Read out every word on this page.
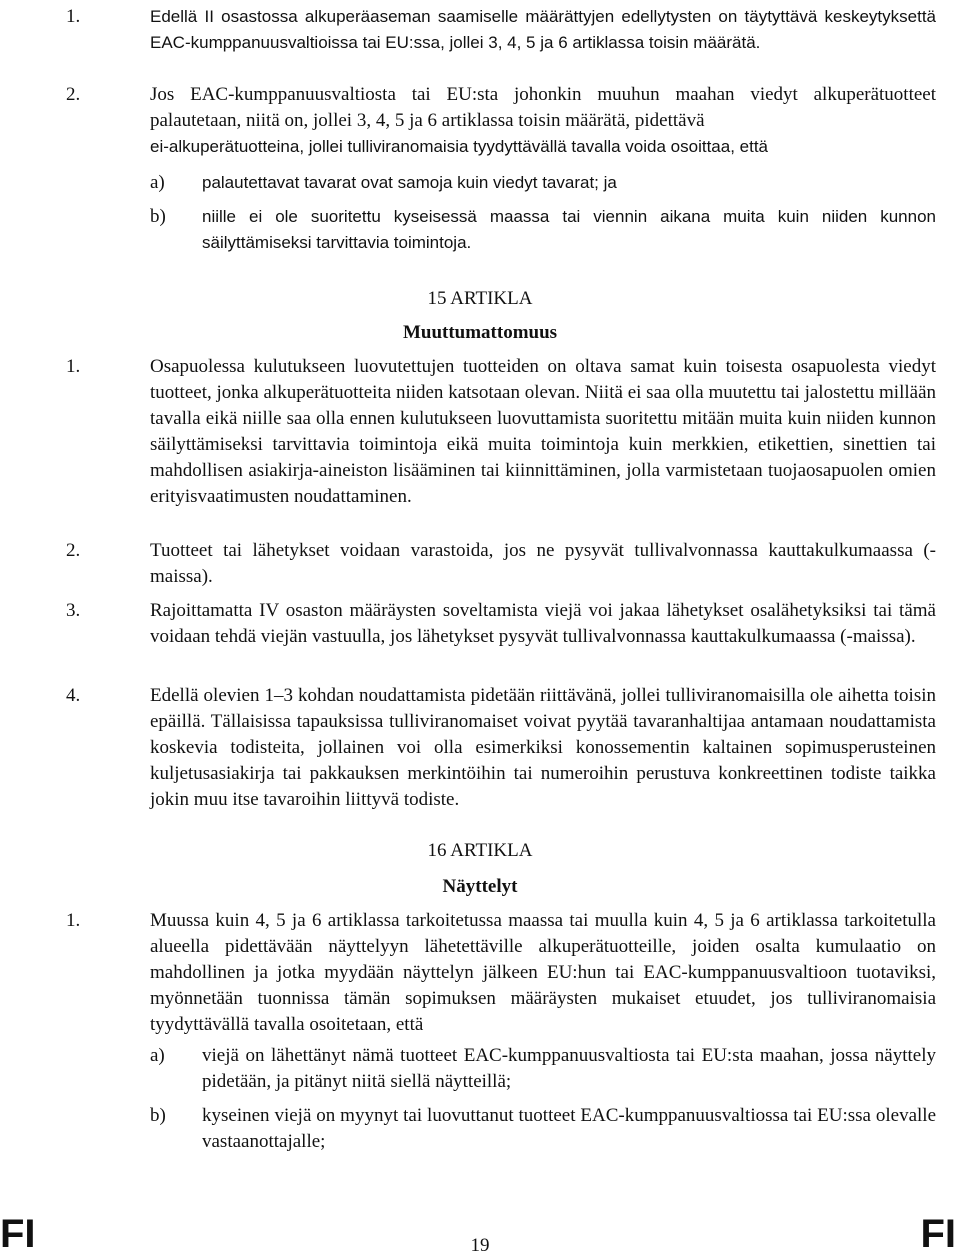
1.	Edellä II osastossa alkuperäaseman saamiselle määrättyjen edellytysten on täytyttävä keskeytyksettä EAC-kumppanuusvaltioissa tai EU:ssa, jollei 3, 4, 5 ja 6 artiklassa toisin määrätä.
2.	Jos EAC-kumppanuusvaltiosta tai EU:sta johonkin muuhun maahan viedyt alkuperätuotteet palautetaan, niitä on, jollei 3, 4, 5 ja 6 artiklassa toisin määrätä, pidettävä
ei-alkuperätuotteina, jollei tulliviranomaisia tyydyttävällä tavalla voida osoittaa, että
a) palautettavat tavarat ovat samoja kuin viedyt tavarat; ja
b) niille ei ole suoritettu kyseisessä maassa tai viennin aikana muita kuin niiden kunnon säilyttämiseksi tarvittavia toimintoja.
15 ARTIKLA
Muuttumattomuus
1.	Osapuolessa kulutukseen luovutettujen tuotteiden on oltava samat kuin toisesta osapuolesta viedyt tuotteet, jonka alkuperätuotteita niiden katsotaan olevan. Niitä ei saa olla muutettu tai jalostettu millään tavalla eikä niille saa olla ennen kulutukseen luovuttamista suoritettu mitään muita kuin niiden kunnon säilyttämiseksi tarvittavia toimintoja eikä muita toimintoja kuin merkkien, etikettien, sinettien tai mahdollisen asiakirja-aineiston lisääminen tai kiinnittäminen, jolla varmistetaan tuojaosapuolen omien erityisvaatimusten noudattaminen.
2.	Tuotteet tai lähetykset voidaan varastoida, jos ne pysyvät tullivalvonnassa kauttakulkumaassa (-maissa).
3.	Rajoittamatta IV osaston määräysten soveltamista viejä voi jakaa lähetykset osalähetyksiksi tai tämä voidaan tehdä viejän vastuulla, jos lähetykset pysyvät tullivalvonnassa kauttakulkumaassa (-maissa).
4.	Edellä olevien 1–3 kohdan noudattamista pidetään riittävänä, jollei tulliviranomaisilla ole aihetta toisin epäillä. Tällaisissa tapauksissa tulliviranomaiset voivat pyytää tavaranhaltijaa antamaan noudattamista koskevia todisteita, jollainen voi olla esimerkiksi konossementin kaltainen sopimusperusteinen kuljetusasiakirja tai pakkauksen merkintöihin tai numeroihin perustuva konkreettinen todiste taikka jokin muu itse tavaroihin liittyvä todiste.
16 ARTIKLA
Näyttelyt
1.	Muussa kuin 4, 5 ja 6 artiklassa tarkoitetussa maassa tai muulla kuin 4, 5 ja 6 artiklassa tarkoitetulla alueella pidettävään näyttelyyn lähetettäville alkuperätuotteille, joiden osalta kumulaatio on mahdollinen ja jotka myydään näyttelyn jälkeen EU:hun tai EAC-kumppanuusvaltioon tuotaviksi, myönnetään tuonnissa tämän sopimuksen määräysten mukaiset etuudet, jos tulliviranomaisia tyydyttävällä tavalla osoitetaan, että
a) viejä on lähettänyt nämä tuotteet EAC-kumppanuusvaltiosta tai EU:sta maahan, jossa näyttely pidetään, ja pitänyt niitä siellä näytteillä;
b) kyseinen viejä on myynyt tai luovuttanut tuotteet EAC-kumppanuusvaltiossa tai EU:ssa olevalle vastaanottajalle;
FI	19	FI
